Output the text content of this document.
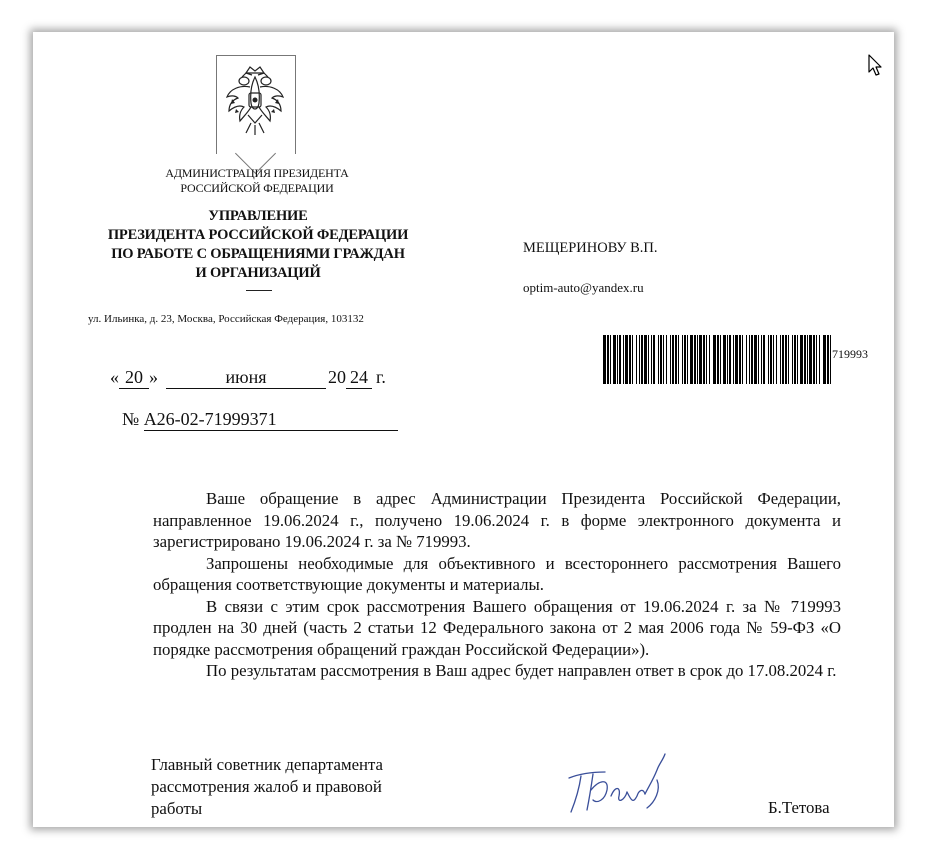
АДМИНИСТРАЦИЯ ПРЕЗИДЕНТА
РОССИЙСКОЙ ФЕДЕРАЦИИ
УПРАВЛЕНИЕ
ПРЕЗИДЕНТА РОССИЙСКОЙ ФЕДЕРАЦИИ
ПО РАБОТЕ С ОБРАЩЕНИЯМИ ГРАЖДАН
И ОРГАНИЗАЦИЙ
ул. Ильинка, д. 23, Москва, Российская Федерация, 103132
МЕЩЕРИНОВУ В.П.
optim-auto@yandex.ru
719993
« 20 »	июня	20 24 г.
№ А26-02-71999371

Ваше обращение в адрес Администрации Президента Российской Федерации, направленное 19.06.2024 г., получено 19.06.2024 г. в форме электронного документа и зарегистрировано 19.06.2024 г. за № 719993.

Запрошены необходимые для объективного и всестороннего рассмотрения Вашего обращения соответствующие документы и материалы.

В связи с этим срок рассмотрения Вашего обращения от 19.06.2024 г. за № 719993 продлен на 30 дней (часть 2 статьи 12 Федерального закона от 2 мая 2006 года № 59-ФЗ «О порядке рассмотрения обращений граждан Российской Федерации»).

По результатам рассмотрения в Ваш адрес будет направлен ответ в срок до 17.08.2024 г.

Главный советник департамента
рассмотрения жалоб и правовой
работы	Б.Тетова
